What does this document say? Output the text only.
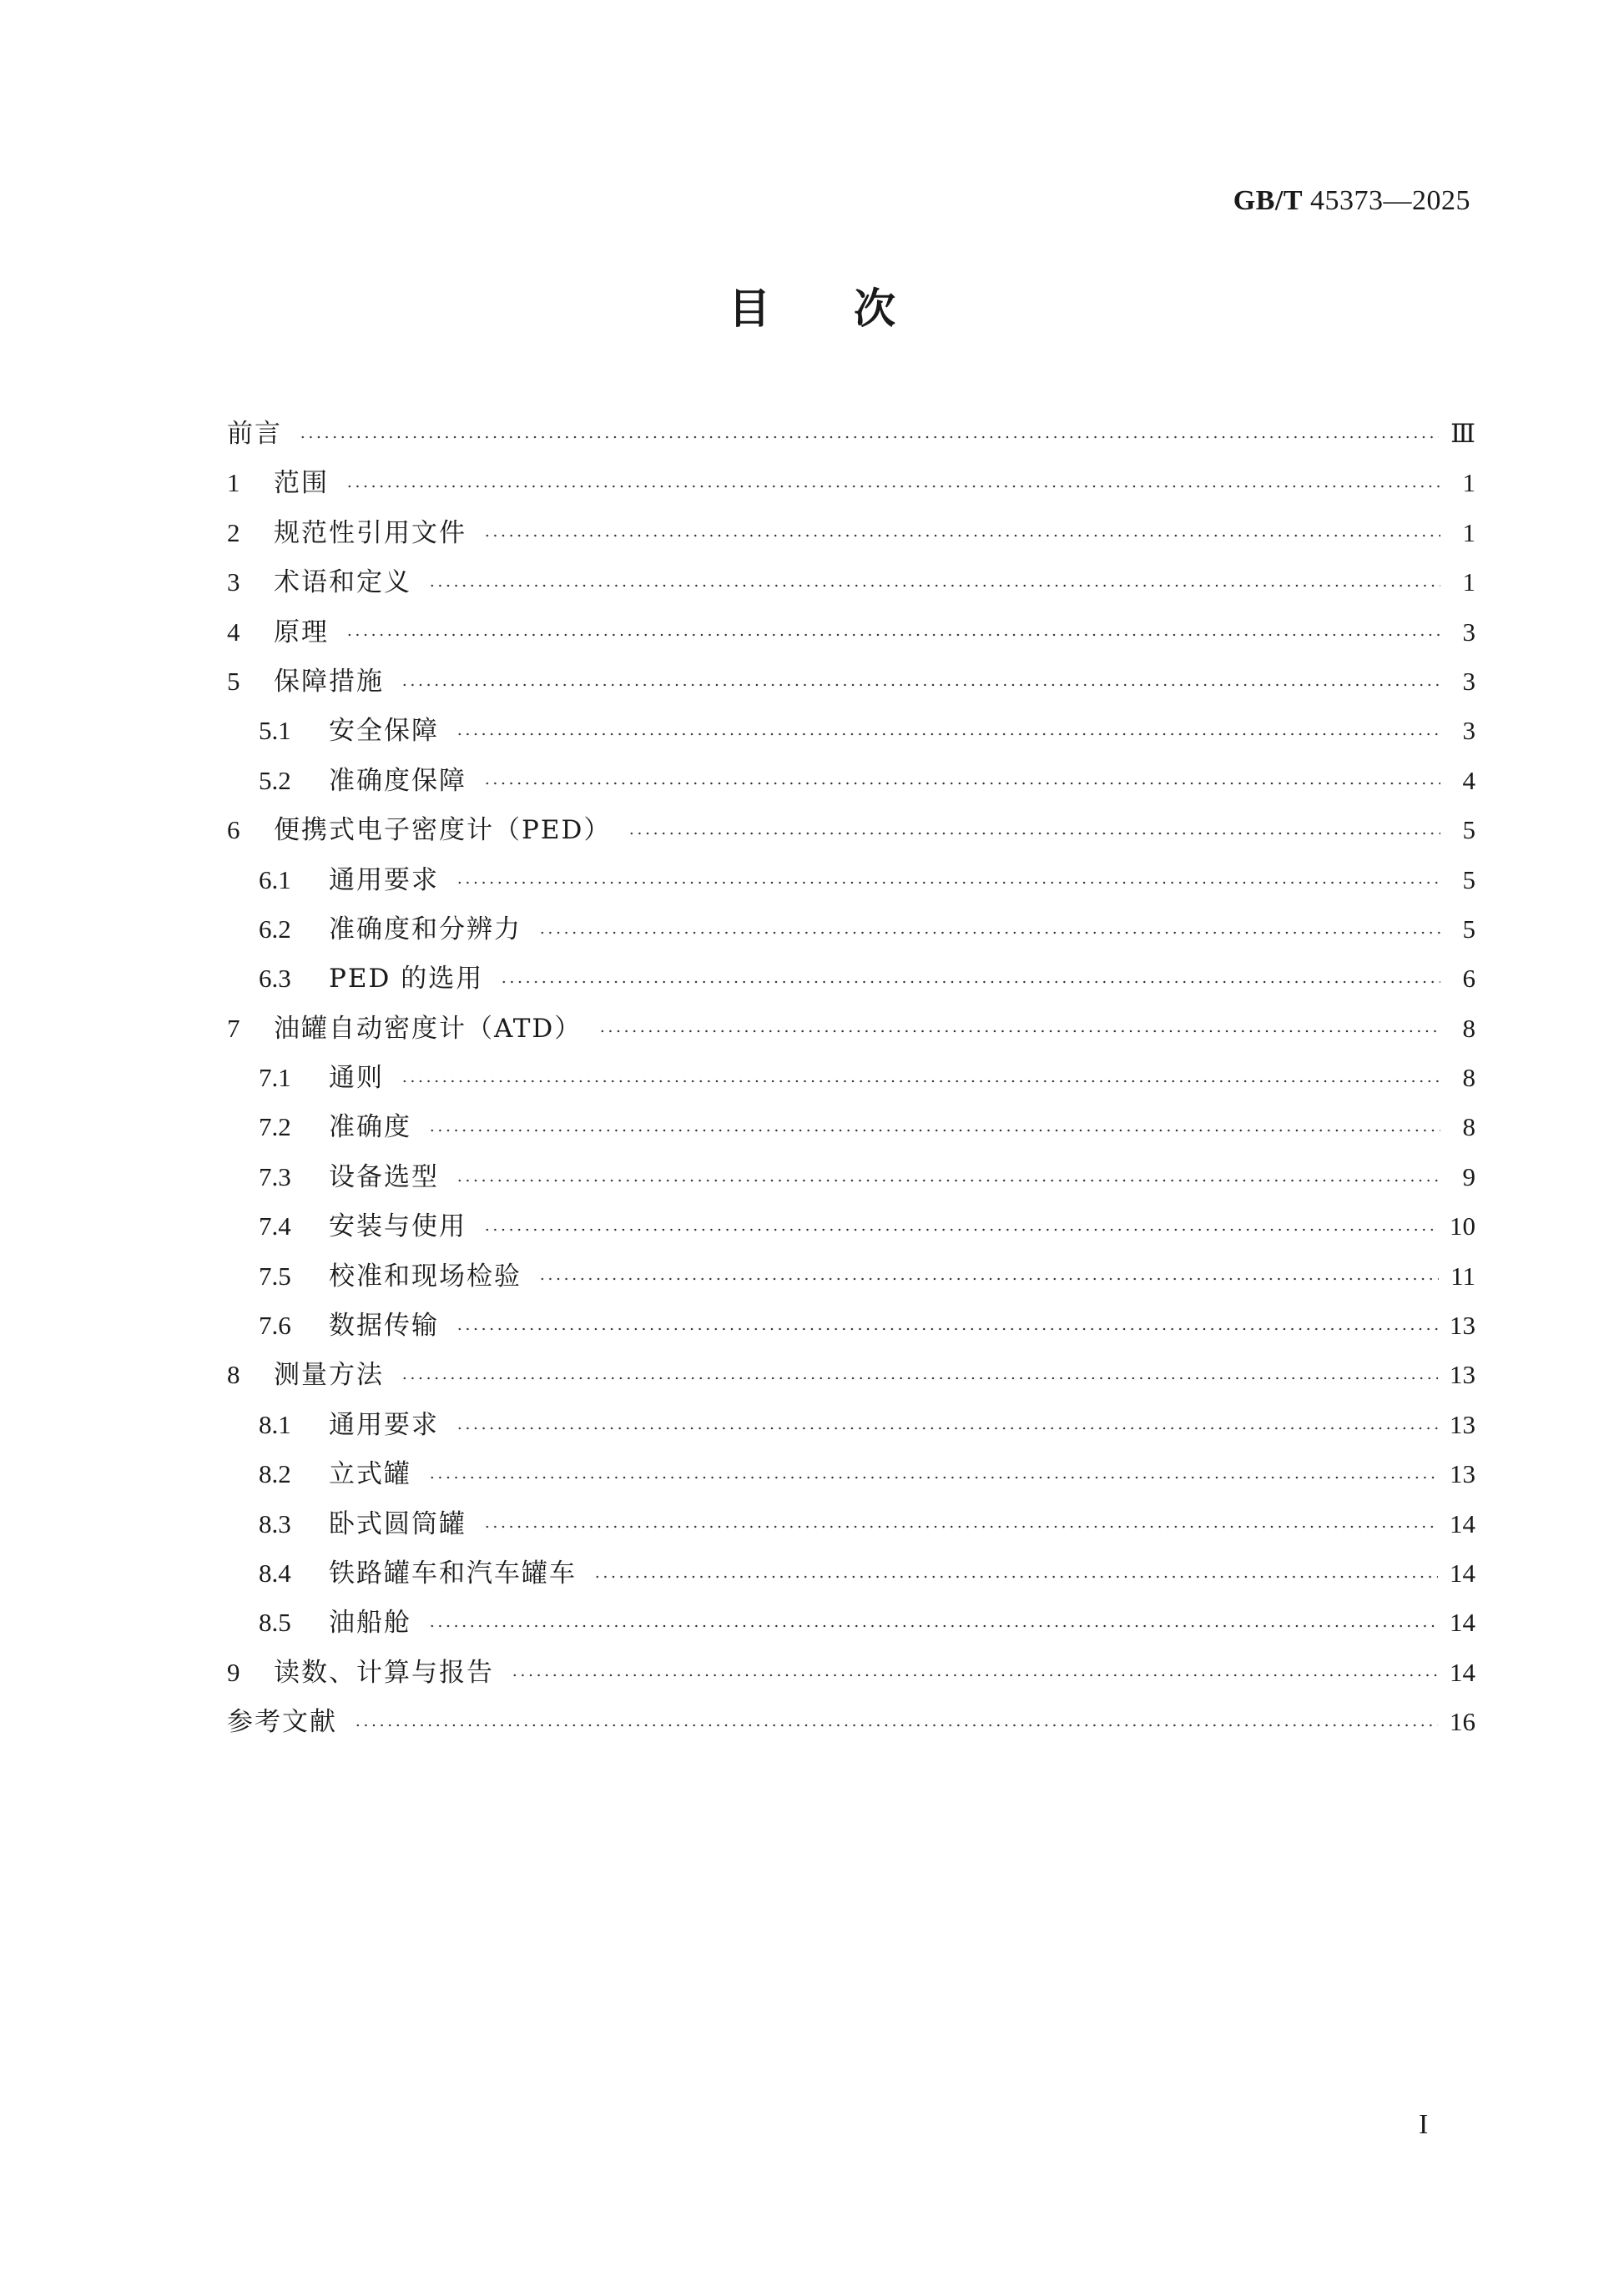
GB/T 45373—2025
目次
前言	Ⅲ
1	范围	1
2	规范性引用文件	1
3	术语和定义	1
4	原理	3
5	保障措施	3
5.1	安全保障	3
5.2	准确度保障	4
6	便携式电子密度计（PED）	5
6.1	通用要求	5
6.2	准确度和分辨力	5
6.3	PED 的选用	6
7	油罐自动密度计（ATD）	8
7.1	通则	8
7.2	准确度	8
7.3	设备选型	9
7.4	安装与使用	10
7.5	校准和现场检验	11
7.6	数据传输	13
8	测量方法	13
8.1	通用要求	13
8.2	立式罐	13
8.3	卧式圆筒罐	14
8.4	铁路罐车和汽车罐车	14
8.5	油船舱	14
9	读数、计算与报告	14
参考文献	16
I
